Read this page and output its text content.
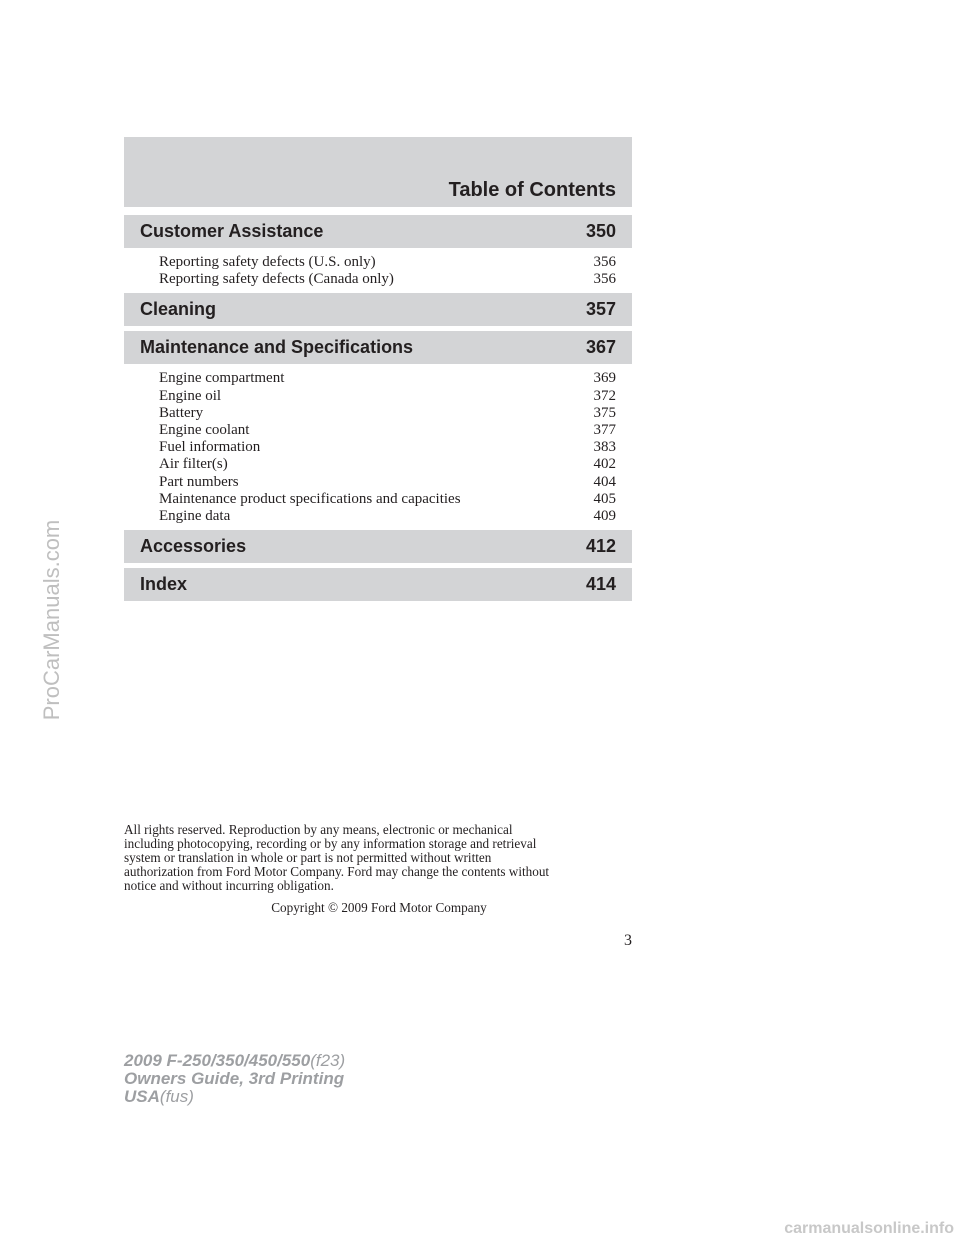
Table of Contents
Customer Assistance	350
Reporting safety defects (U.S. only)	356
Reporting safety defects (Canada only)	356
Cleaning	357
Maintenance and Specifications	367
Engine compartment	369
Engine oil	372
Battery	375
Engine coolant	377
Fuel information	383
Air filter(s)	402
Part numbers	404
Maintenance product specifications and capacities	405
Engine data	409
Accessories	412
Index	414
All rights reserved. Reproduction by any means, electronic or mechanical
including photocopying, recording or by any information storage and retrieval
system or translation in whole or part is not permitted without written
authorization from Ford Motor Company. Ford may change the contents without
notice and without incurring obligation.
Copyright © 2009 Ford Motor Company
3
2009 F-250/350/450/550(f23)
Owners Guide, 3rd Printing
USA(fus)
ProCarManuals.com
carmanualsonline.info
